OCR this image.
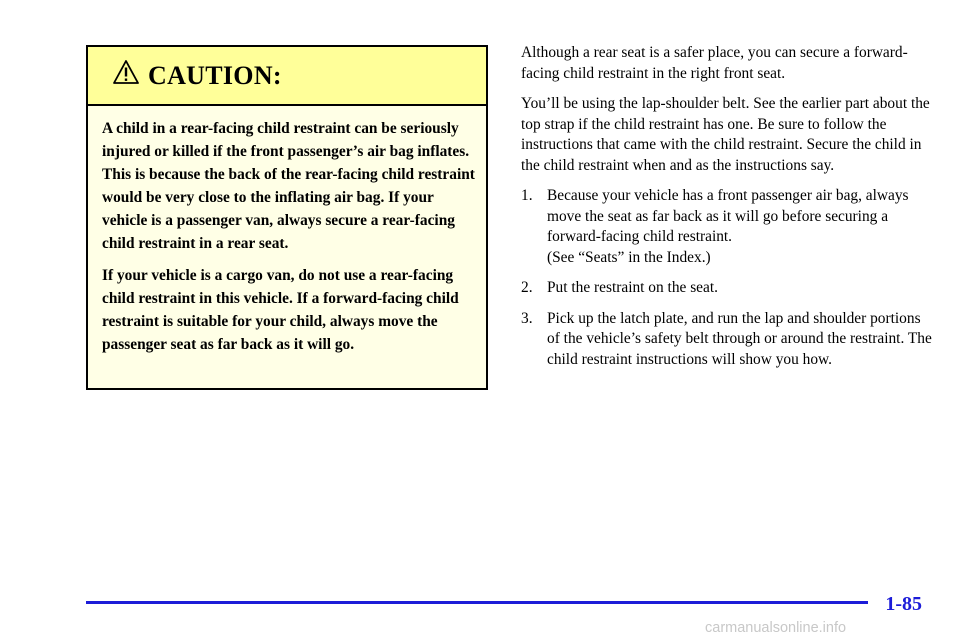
CAUTION:

A child in a rear-facing child restraint can be seriously injured or killed if the front passenger’s air bag inflates. This is because the back of the rear-facing child restraint would be very close to the inflating air bag. If your vehicle is a passenger van, always secure a rear-facing child restraint in a rear seat.

If your vehicle is a cargo van, do not use a rear-facing child restraint in this vehicle. If a forward-facing child restraint is suitable for your child, always move the passenger seat as far back as it will go.

Although a rear seat is a safer place, you can secure a forward-facing child restraint in the right front seat.

You’ll be using the lap-shoulder belt. See the earlier part about the top strap if the child restraint has one. Be sure to follow the instructions that came with the child restraint. Secure the child in the child restraint when and as the instructions say.

1. Because your vehicle has a front passenger air bag, always move the seat as far back as it will go before securing a forward-facing child restraint.
(See “Seats” in the Index.)
2. Put the restraint on the seat.
3. Pick up the latch plate, and run the lap and shoulder portions of the vehicle’s safety belt through or around the restraint. The child restraint instructions will show you how.
1-85
carmanualsonline.info
